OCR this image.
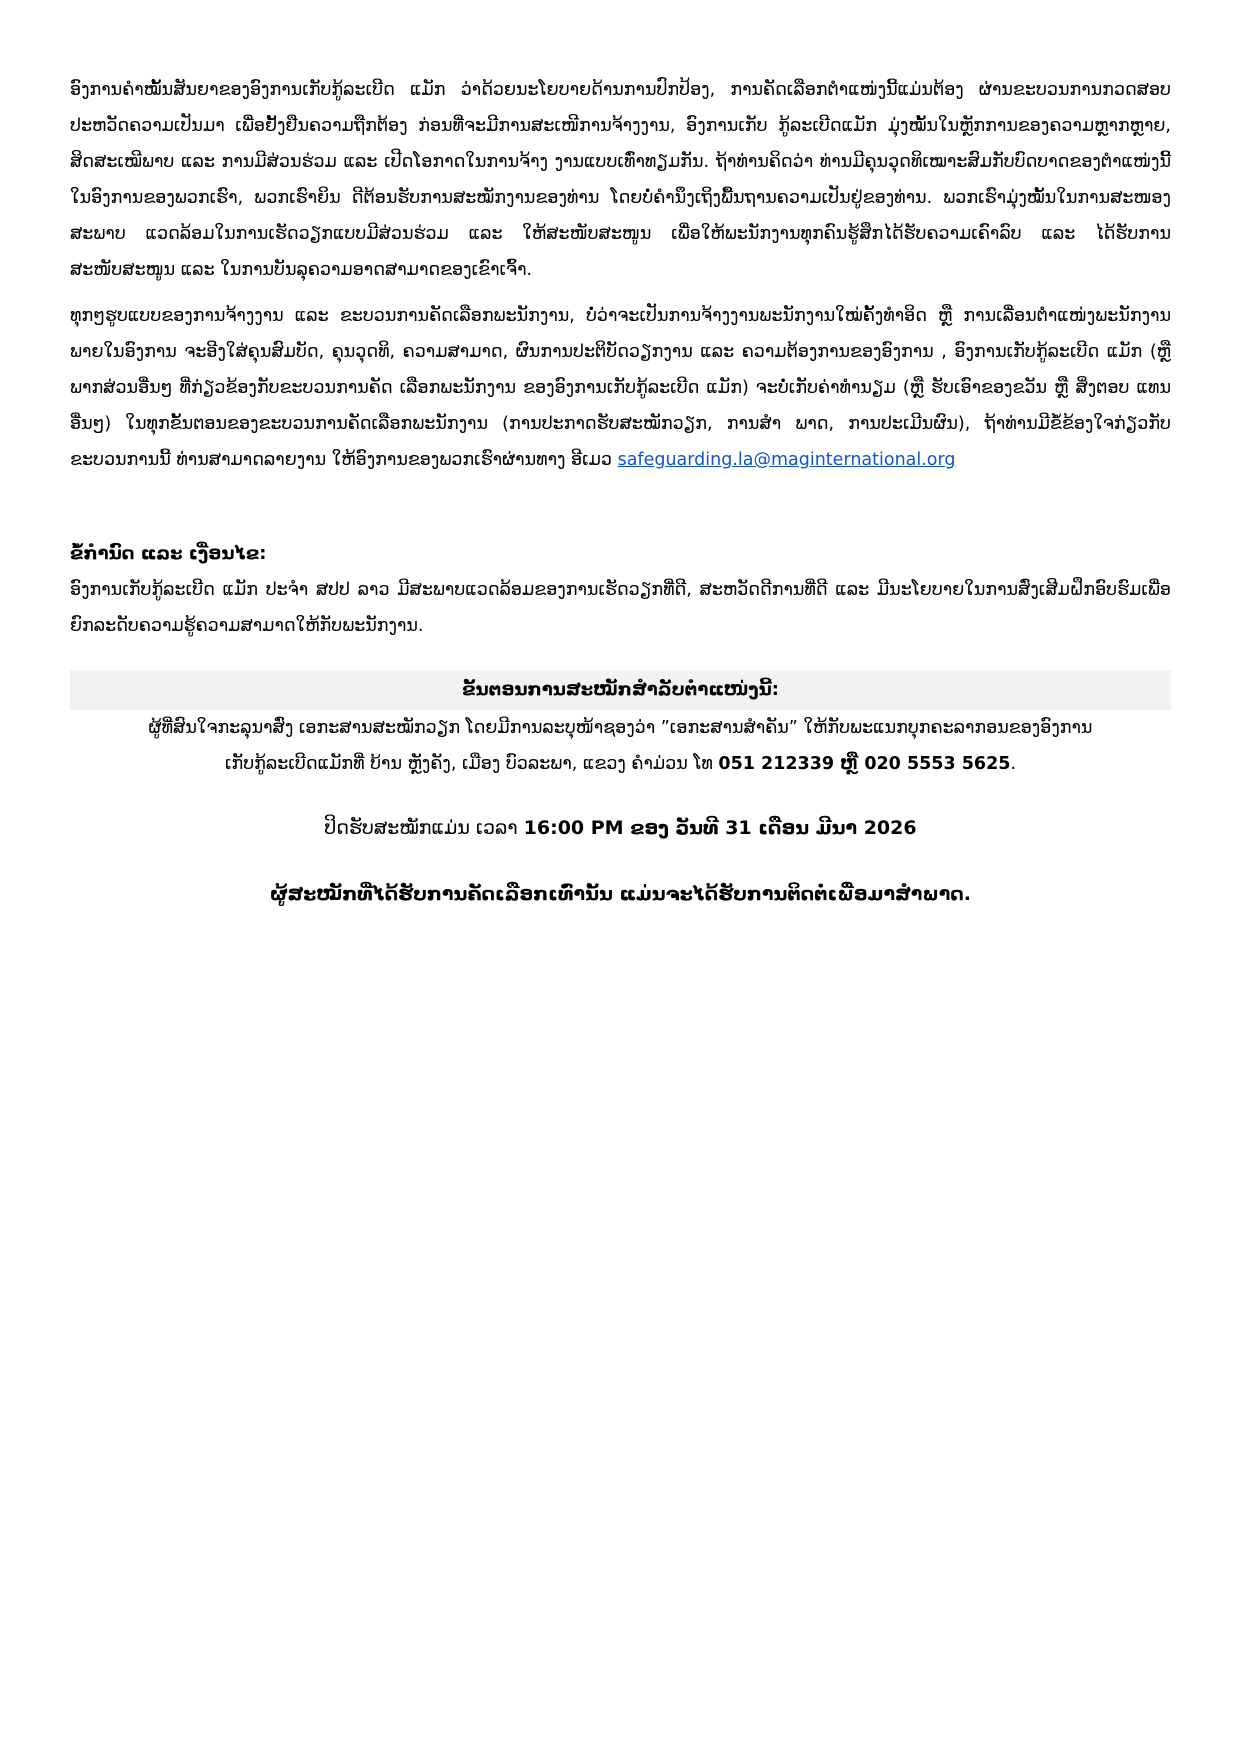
ອົງການຄຳໝັ້ນສັນຍາຂອງອົງການເກັບກູ້ລະເບີດ ແມັກ ວ່າດ້ວຍນະໂຍບາຍດ້ານການປົກປ້ອງ, ການຄັດເລືອກຕຳແໜ່ງນີ້ແມ່ນຕ້ອງ ຜ່ານຂະບວນການກວດສອບປະຫວັດຄວາມເປັນມາ ເພື່ອຢັ້ງຢືນຄວາມຖືກຕ້ອງ ກ່ອນທີ່ຈະມີການສະເໜີການຈ້າງງານ, ອົງການເກັບ ກູ້ລະເບີດແມັກ ມຸ່ງໝັ້ນໃນຫຼັກການຂອງຄວາມຫຼາກຫຼາຍ, ສິດສະເໝີພາບ ແລະ ການມີສ່ວນຮ່ວມ ແລະ ເປີດໂອກາດໃນການຈ້າງ ງານແບບເທົ່າທຽມກັນ. ຖ້າທ່ານຄິດວ່າ ທ່ານມີຄຸນວຸດທິເໝາະສົມກັບບົດບາດຂອງຕຳແໜ່ງນີ້ ໃນອົງການຂອງພວກເຮົາ, ພວກເຮົາຍິນ ດີຕ້ອນຮັບການສະໝັກງານຂອງທ່ານ ໂດຍບໍ່ຄຳນຶງເຖິງພື້ນຖານຄວາມເປັນຢູ່ຂອງທ່ານ. ພວກເຮົາມຸ່ງໝັ້ນໃນການສະໜອງສະພາບ ແວດລ້ອມໃນການເຮັດວຽກແບບມີສ່ວນຮ່ວມ ແລະ ໃຫ້ສະໜັບສະໜູນ ເພື່ອໃຫ້ພະນັກງານທຸກຄົນຮູ້ສຶກໄດ້ຮັບຄວາມເຄົາລົບ ແລະ ໄດ້ຮັບການສະໜັບສະໜູນ ແລະ ໃນການບັນລຸຄວາມອາດສາມາດຂອງເຂົາເຈົ້າ.

ທຸກໆຮູບແບບຂອງການຈ້າງງານ ແລະ ຂະບວນການຄັດເລືອກພະນັກງານ, ບໍ່ວ່າຈະເປັນການຈ້າງງານພະນັກງານໃໝ່ຄັ້ງທຳອິດ ຫຼື ການເລື່ອນຕຳແໜ່ງພະນັກງານພາຍໃນອົງການ ຈະອີງໃສ່ຄຸນສົມບັດ, ຄຸນວຸດທິ, ຄວາມສາມາດ, ຜົນການປະຕິບັດວຽກງານ ແລະ ຄວາມຕ້ອງການຂອງອົງການ , ອົງການເກັບກູ້ລະເບີດ ແມັກ (ຫຼື ພາກສ່ວນອື່ນໆ ທີ່ກ່ຽວຂ້ອງກັບຂະບວນການຄັດ ເລືອກພະນັກງານ ຂອງອົງການເກັບກູ້ລະເບີດ ແມັກ) ຈະບໍ່ເກັບຄ່າທຳນຽມ (ຫຼື ຮັບເອົາຂອງຂວັນ ຫຼື ສິ່ງຕອບ ແທນອື່ນໆ) ໃນທຸກຂັ້ນຕອນຂອງຂະບວນການຄັດເລືອກພະນັກງານ (ການປະກາດຮັບສະໝັກວຽກ, ການສຳ ພາດ, ການປະເມີນຜົນ), ຖ້າທ່ານມີຂໍ້ຂ້ອງໃຈກ່ຽວກັບຂະບວນການນີ້ ທ່ານສາມາດລາຍງານ ໃຫ້ອົງການຂອງພວກເຮົາຜ່ານທາງ ອີເມວ safeguarding.la@maginternational.org

ຂໍ້ກຳນົດ ແລະ ເງື່ອນໄຂ:

ອົງການເກັບກູ້ລະເບີດ ແມັກ ປະຈຳ ສປປ ລາວ ມີສະພາບແວດລ້ອມຂອງການເຮັດວຽກທີ່ດີ, ສະຫວັດດີການທີ່ດີ ແລະ ມີນະໂຍບາຍໃນການສົ່ງເສີມຝຶກອົບຮົມເພື່ອຍົກລະດັບຄວາມຮູ້ຄວາມສາມາດໃຫ້ກັບພະນັກງານ.

ຂັ້ນຕອນການສະໝັກສຳລັບຕຳແໜ່ງນີ້:

ຜູ້ທີ່ສົນໃຈກະລຸນາສົ່ງ ເອກະສານສະໝັກວຽກ ໂດຍມີການລະບຸໜ້າຊອງວ່າ ”ເອກະສານສຳຄັນ” ໃຫ້ກັບພະແນກບຸກຄະລາກອນຂອງອົງການ

ເກັບກູ້ລະເບີດແມັກທີ່ ບ້ານ ຫຼັງຄັງ, ເມືອງ ບົວລະພາ, ແຂວງ ຄຳມ່ວນ ໂທ 051 212339 ຫຼື 020 5553 5625.

ປິດຮັບສະໝັກແມ່ນ ເວລາ 16:00 PM ຂອງ ວັນທີ 31 ເດືອນ ມີນາ 2026

ຜູ້ສະໝັກທີ່ໄດ້ຮັບການຄັດເລືອກເທົ່ານັ້ນ ແມ່ນຈະໄດ້ຮັບການຕິດຕໍ່ເພື່ອມາສຳພາດ.
